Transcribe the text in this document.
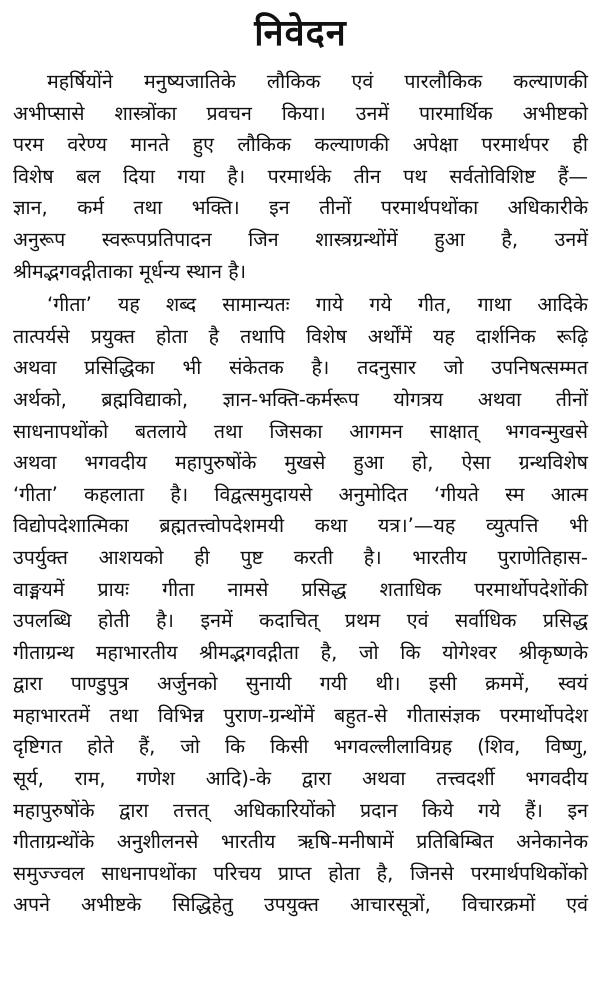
निवेदन

महर्षियोंने मनुष्यजातिके लौकिक एवं पारलौकिक कल्याणकी
अभीप्सासे शास्त्रोंका प्रवचन किया। उनमें पारमार्थिक अभीष्टको
परम वरेण्य मानते हुए लौकिक कल्याणकी अपेक्षा परमार्थपर ही
विशेष बल दिया गया है। परमार्थके तीन पथ सर्वतोविशिष्ट हैं—
ज्ञान, कर्म तथा भक्ति। इन तीनों परमार्थपथोंका अधिकारीके
अनुरूप स्वरूपप्रतिपादन जिन शास्त्रग्रन्थोंमें हुआ है, उनमें
श्रीमद्भगवद्गीताका मूर्धन्य स्थान है।

‘गीता’ यह शब्द सामान्यतः गाये गये गीत, गाथा आदिके
तात्पर्यसे प्रयुक्त होता है तथापि विशेष अर्थोंमें यह दार्शनिक रूढ़ि
अथवा प्रसिद्धिका भी संकेतक है। तदनुसार जो उपनिषत्सम्मत
अर्थको, ब्रह्मविद्याको, ज्ञान-भक्ति-कर्मरूप योगत्रय अथवा तीनों
साधनापथोंको बतलाये तथा जिसका आगमन साक्षात् भगवन्मुखसे
अथवा भगवदीय महापुरुषोंके मुखसे हुआ हो, ऐसा ग्रन्थविशेष
‘गीता’ कहलाता है। विद्वत्समुदायसे अनुमोदित ‘गीयते स्म आत्म
विद्योपदेशात्मिका ब्रह्मतत्त्वोपदेशमयी कथा यत्र।’—यह व्युत्पत्ति भी
उपर्युक्त आशयको ही पुष्ट करती है। भारतीय पुराणेतिहास-
वाङ्मयमें प्रायः गीता नामसे प्रसिद्ध शताधिक परमार्थोपदेशोंकी
उपलब्धि होती है। इनमें कदाचित् प्रथम एवं सर्वाधिक प्रसिद्ध
गीताग्रन्थ महाभारतीय श्रीमद्भगवद्गीता है, जो कि योगेश्वर श्रीकृष्णके
द्वारा पाण्डुपुत्र अर्जुनको सुनायी गयी थी। इसी क्रममें, स्वयं
महाभारतमें तथा विभिन्न पुराण-ग्रन्थोंमें बहुत-से गीतासंज्ञक परमार्थोपदेश
दृष्टिगत होते हैं, जो कि किसी भगवल्लीलाविग्रह (शिव, विष्णु,
सूर्य, राम, गणेश आदि)-के द्वारा अथवा तत्त्वदर्शी भगवदीय
महापुरुषोंके द्वारा तत्तत् अधिकारियोंको प्रदान किये गये हैं। इन
गीताग्रन्थोंके अनुशीलनसे भारतीय ऋषि-मनीषामें प्रतिबिम्बित अनेकानेक
समुज्ज्वल साधनापथोंका परिचय प्राप्त होता है, जिनसे परमार्थपथिकोंको
अपने अभीष्टके सिद्धिहेतु उपयुक्त आचारसूत्रों, विचारक्रमों एवं
